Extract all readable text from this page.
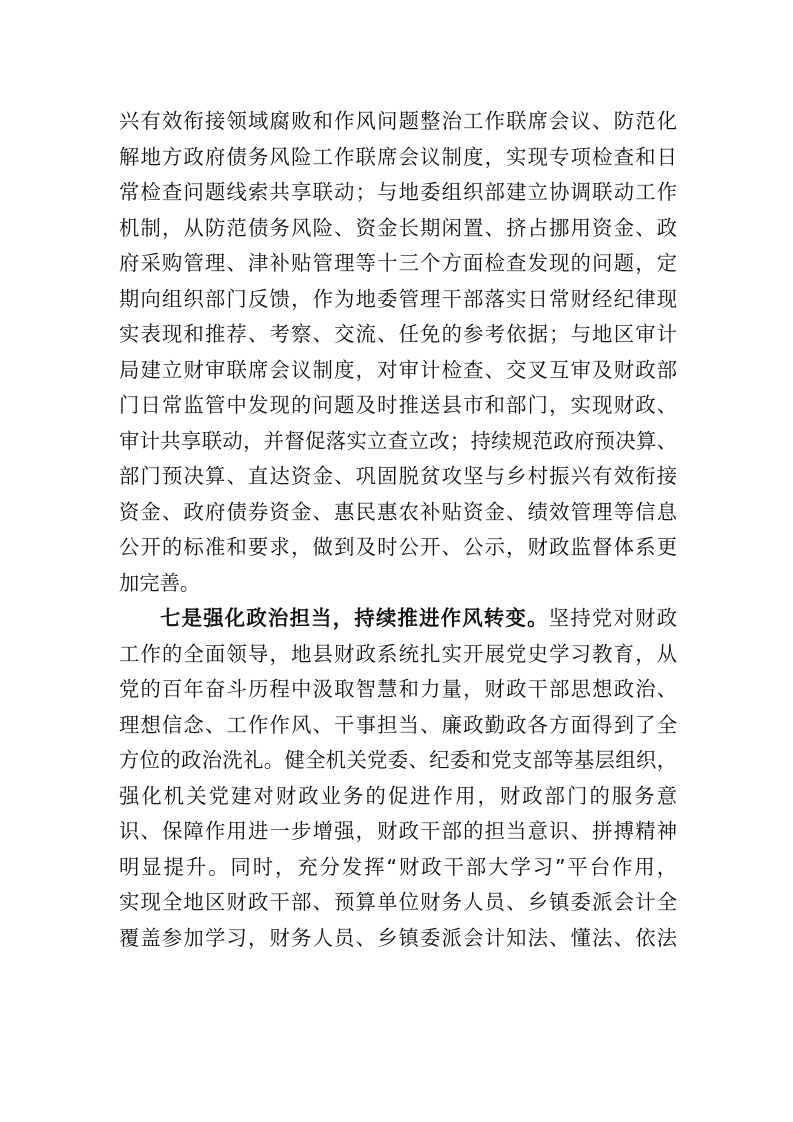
兴有效衔接领域腐败和作风问题整治工作联席会议、防范化
解地方政府债务风险工作联席会议制度，实现专项检查和日
常检查问题线索共享联动；与地委组织部建立协调联动工作
机制，从防范债务风险、资金长期闲置、挤占挪用资金、政
府采购管理、津补贴管理等十三个方面检查发现的问题，定
期向组织部门反馈，作为地委管理干部落实日常财经纪律现
实表现和推荐、考察、交流、任免的参考依据；与地区审计
局建立财审联席会议制度，对审计检查、交叉互审及财政部
门日常监管中发现的问题及时推送县市和部门，实现财政、
审计共享联动，并督促落实立查立改；持续规范政府预决算、
部门预决算、直达资金、巩固脱贫攻坚与乡村振兴有效衔接
资金、政府债券资金、惠民惠农补贴资金、绩效管理等信息
公开的标准和要求，做到及时公开、公示，财政监督体系更
加完善。
七是强化政治担当，持续推进作风转变。坚持党对财政
工作的全面领导，地县财政系统扎实开展党史学习教育，从
党的百年奋斗历程中汲取智慧和力量，财政干部思想政治、
理想信念、工作作风、干事担当、廉政勤政各方面得到了全
方位的政治洗礼。健全机关党委、纪委和党支部等基层组织，
强化机关党建对财政业务的促进作用，财政部门的服务意
识、保障作用进一步增强，财政干部的担当意识、拼搏精神
明显提升。同时，充分发挥“财政干部大学习”平台作用，
实现全地区财政干部、预算单位财务人员、乡镇委派会计全
覆盖参加学习，财务人员、乡镇委派会计知法、懂法、依法
